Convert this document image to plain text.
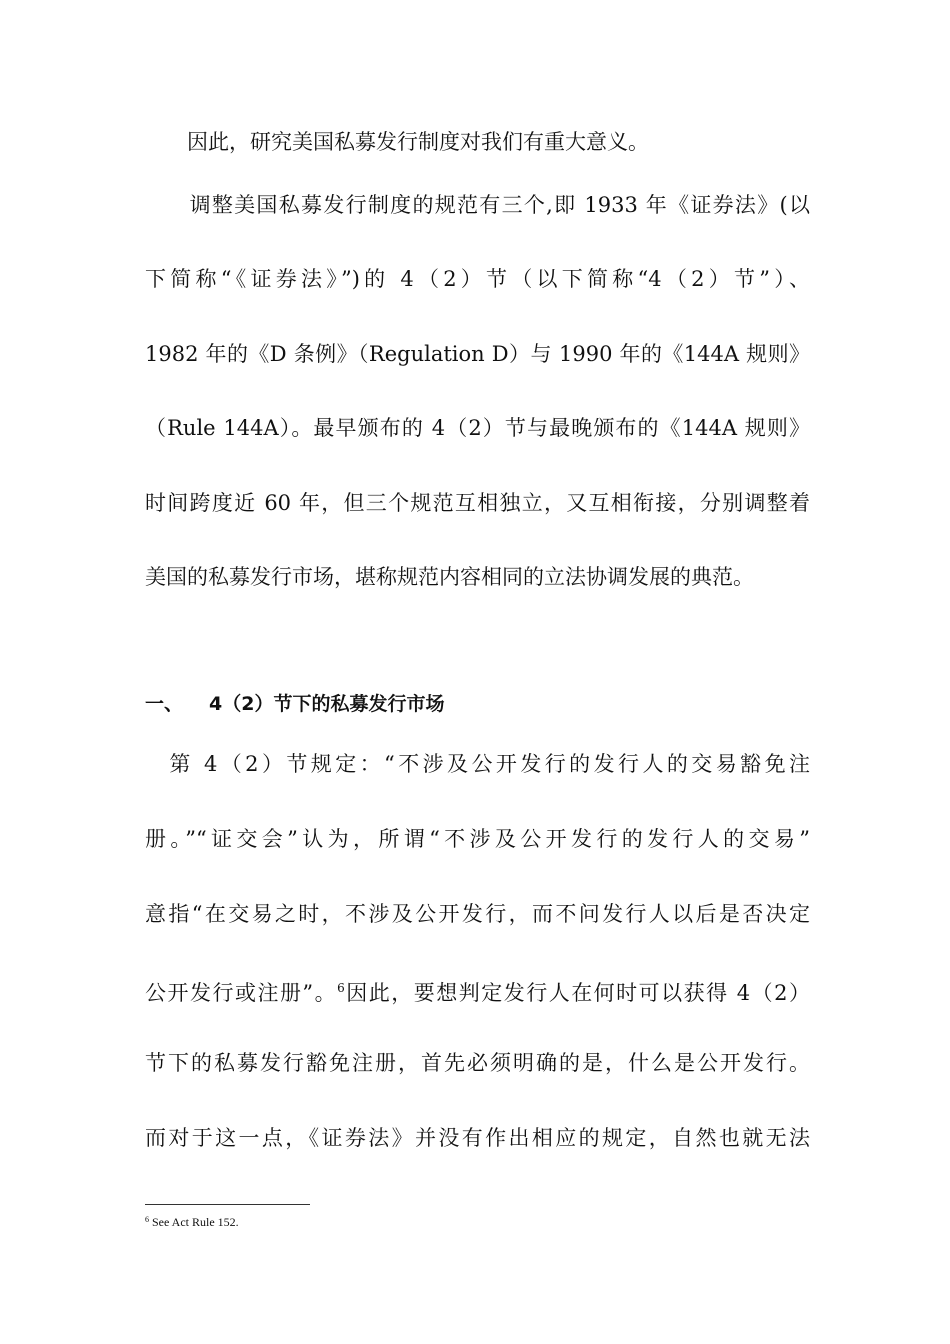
　　因此，研究美国私募发行制度对我们有重大意义。
　　调整美国私募发行制度的规范有三个,即 1933 年《证券法》(以
下简称“《证券法》”)的 4（2）节（以下简称“4（2）节”）、
1982 年的《D 条例》（Regulation D）与 1990 年的《144A 规则》
（Rule 144A）。最早颁布的 4（2）节与最晚颁布的《144A 规则》
时间跨度近 60 年，但三个规范互相独立，又互相衔接，分别调整着
美国的私募发行市场，堪称规范内容相同的立法协调发展的典范。
一、 4（2）节下的私募发行市场
　第 4（2）节规定：“不涉及公开发行的发行人的交易豁免注
册。”“证交会”认为，所谓“不涉及公开发行的发行人的交易”
意指“在交易之时，不涉及公开发行，而不问发行人以后是否决定
公开发行或注册”。$^6$因此，要想判定发行人在何时可以获得 4（2）
节下的私募发行豁免注册，首先必须明确的是，什么是公开发行。
而对于这一点，《证券法》并没有作出相应的规定，自然也就无法
$^6$ See Act Rule 152.
